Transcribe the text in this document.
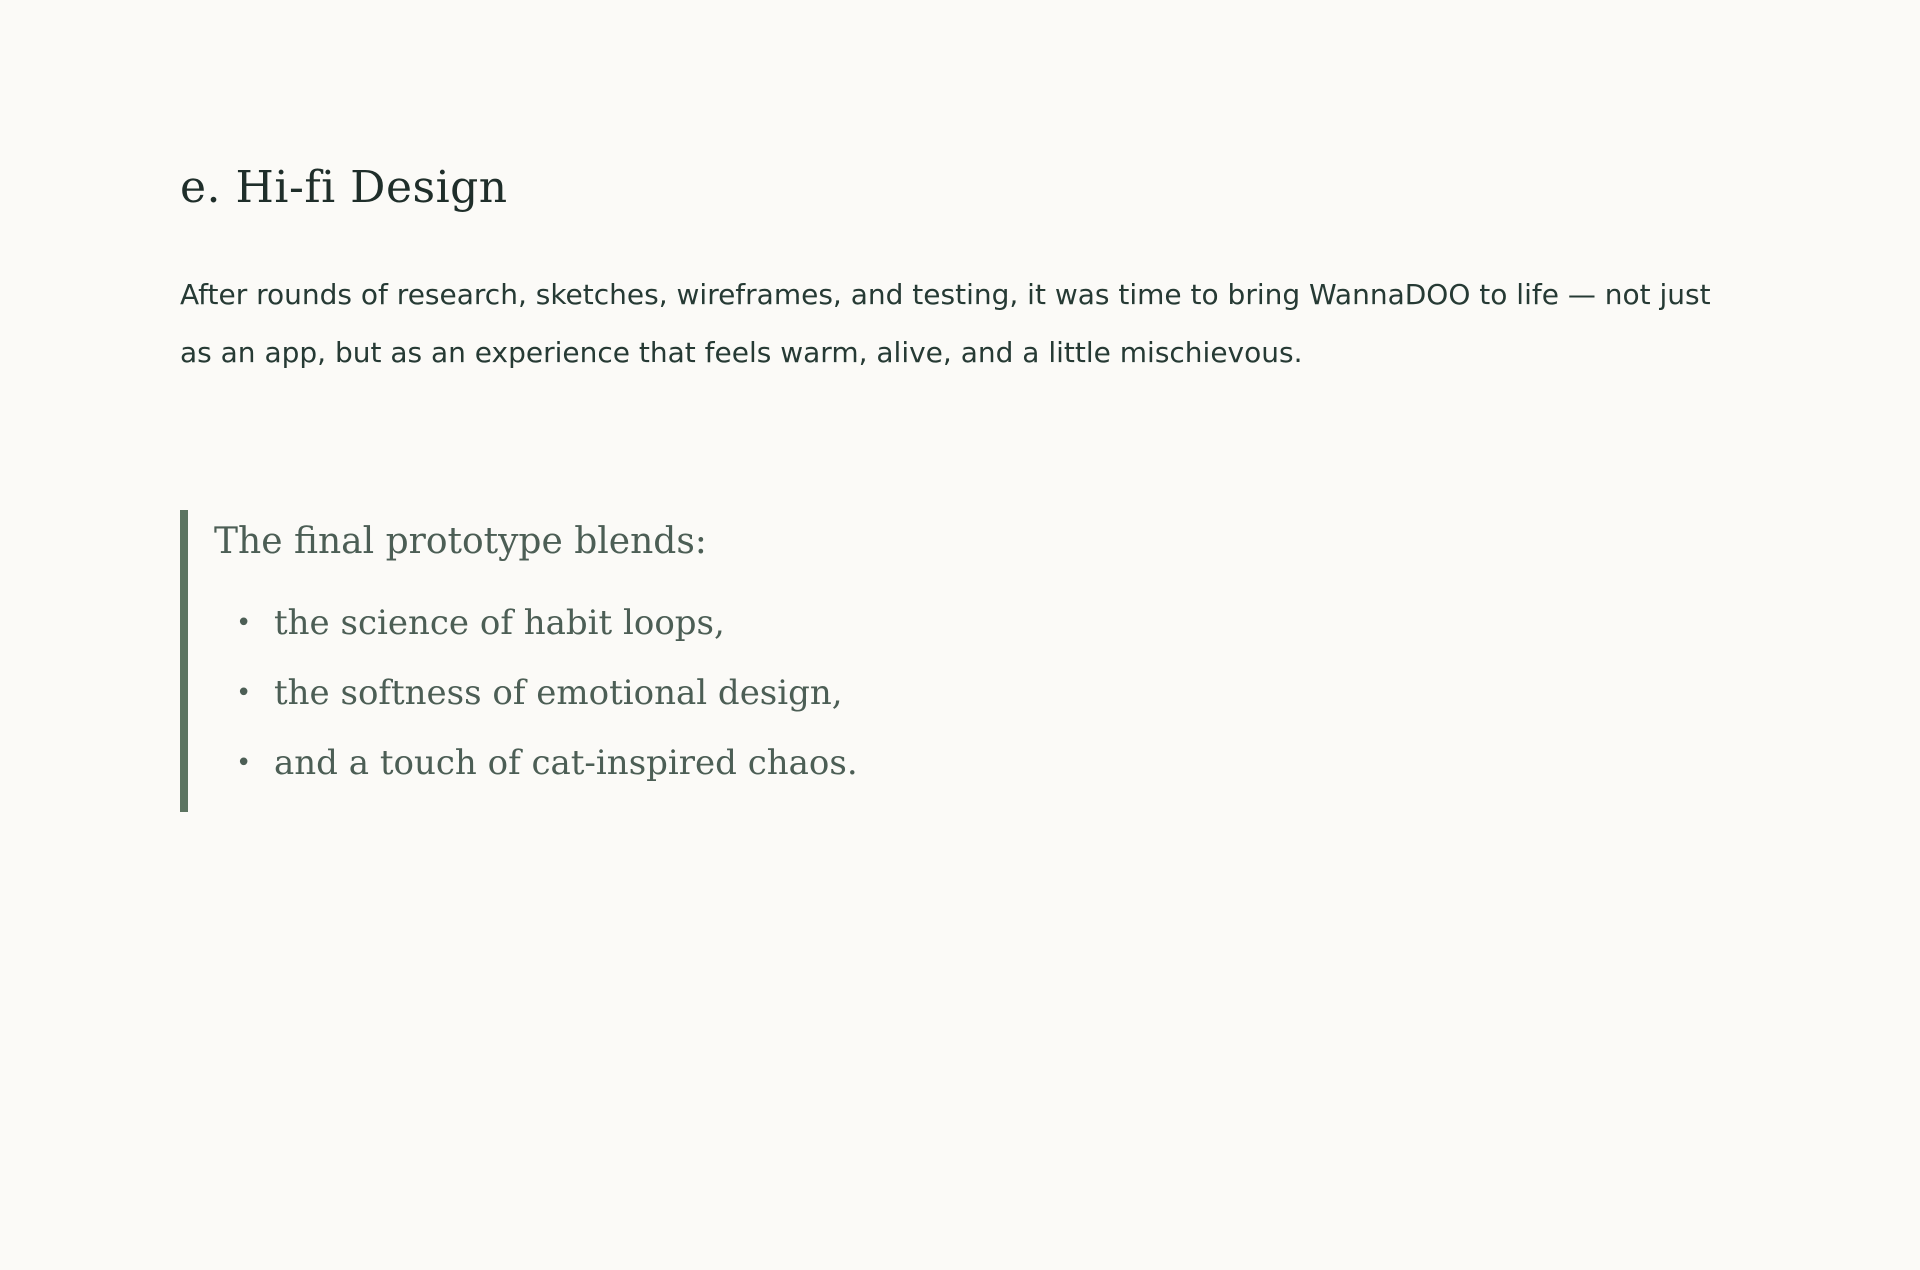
e. Hi-fi Design

After rounds of research, sketches, wireframes, and testing, it was time to bring WannaDOO to life — not just as an app, but as an experience that feels warm, alive, and a little mischievous.

The final prototype blends:

• the science of habit loops,
• the softness of emotional design,
• and a touch of cat-inspired chaos.
